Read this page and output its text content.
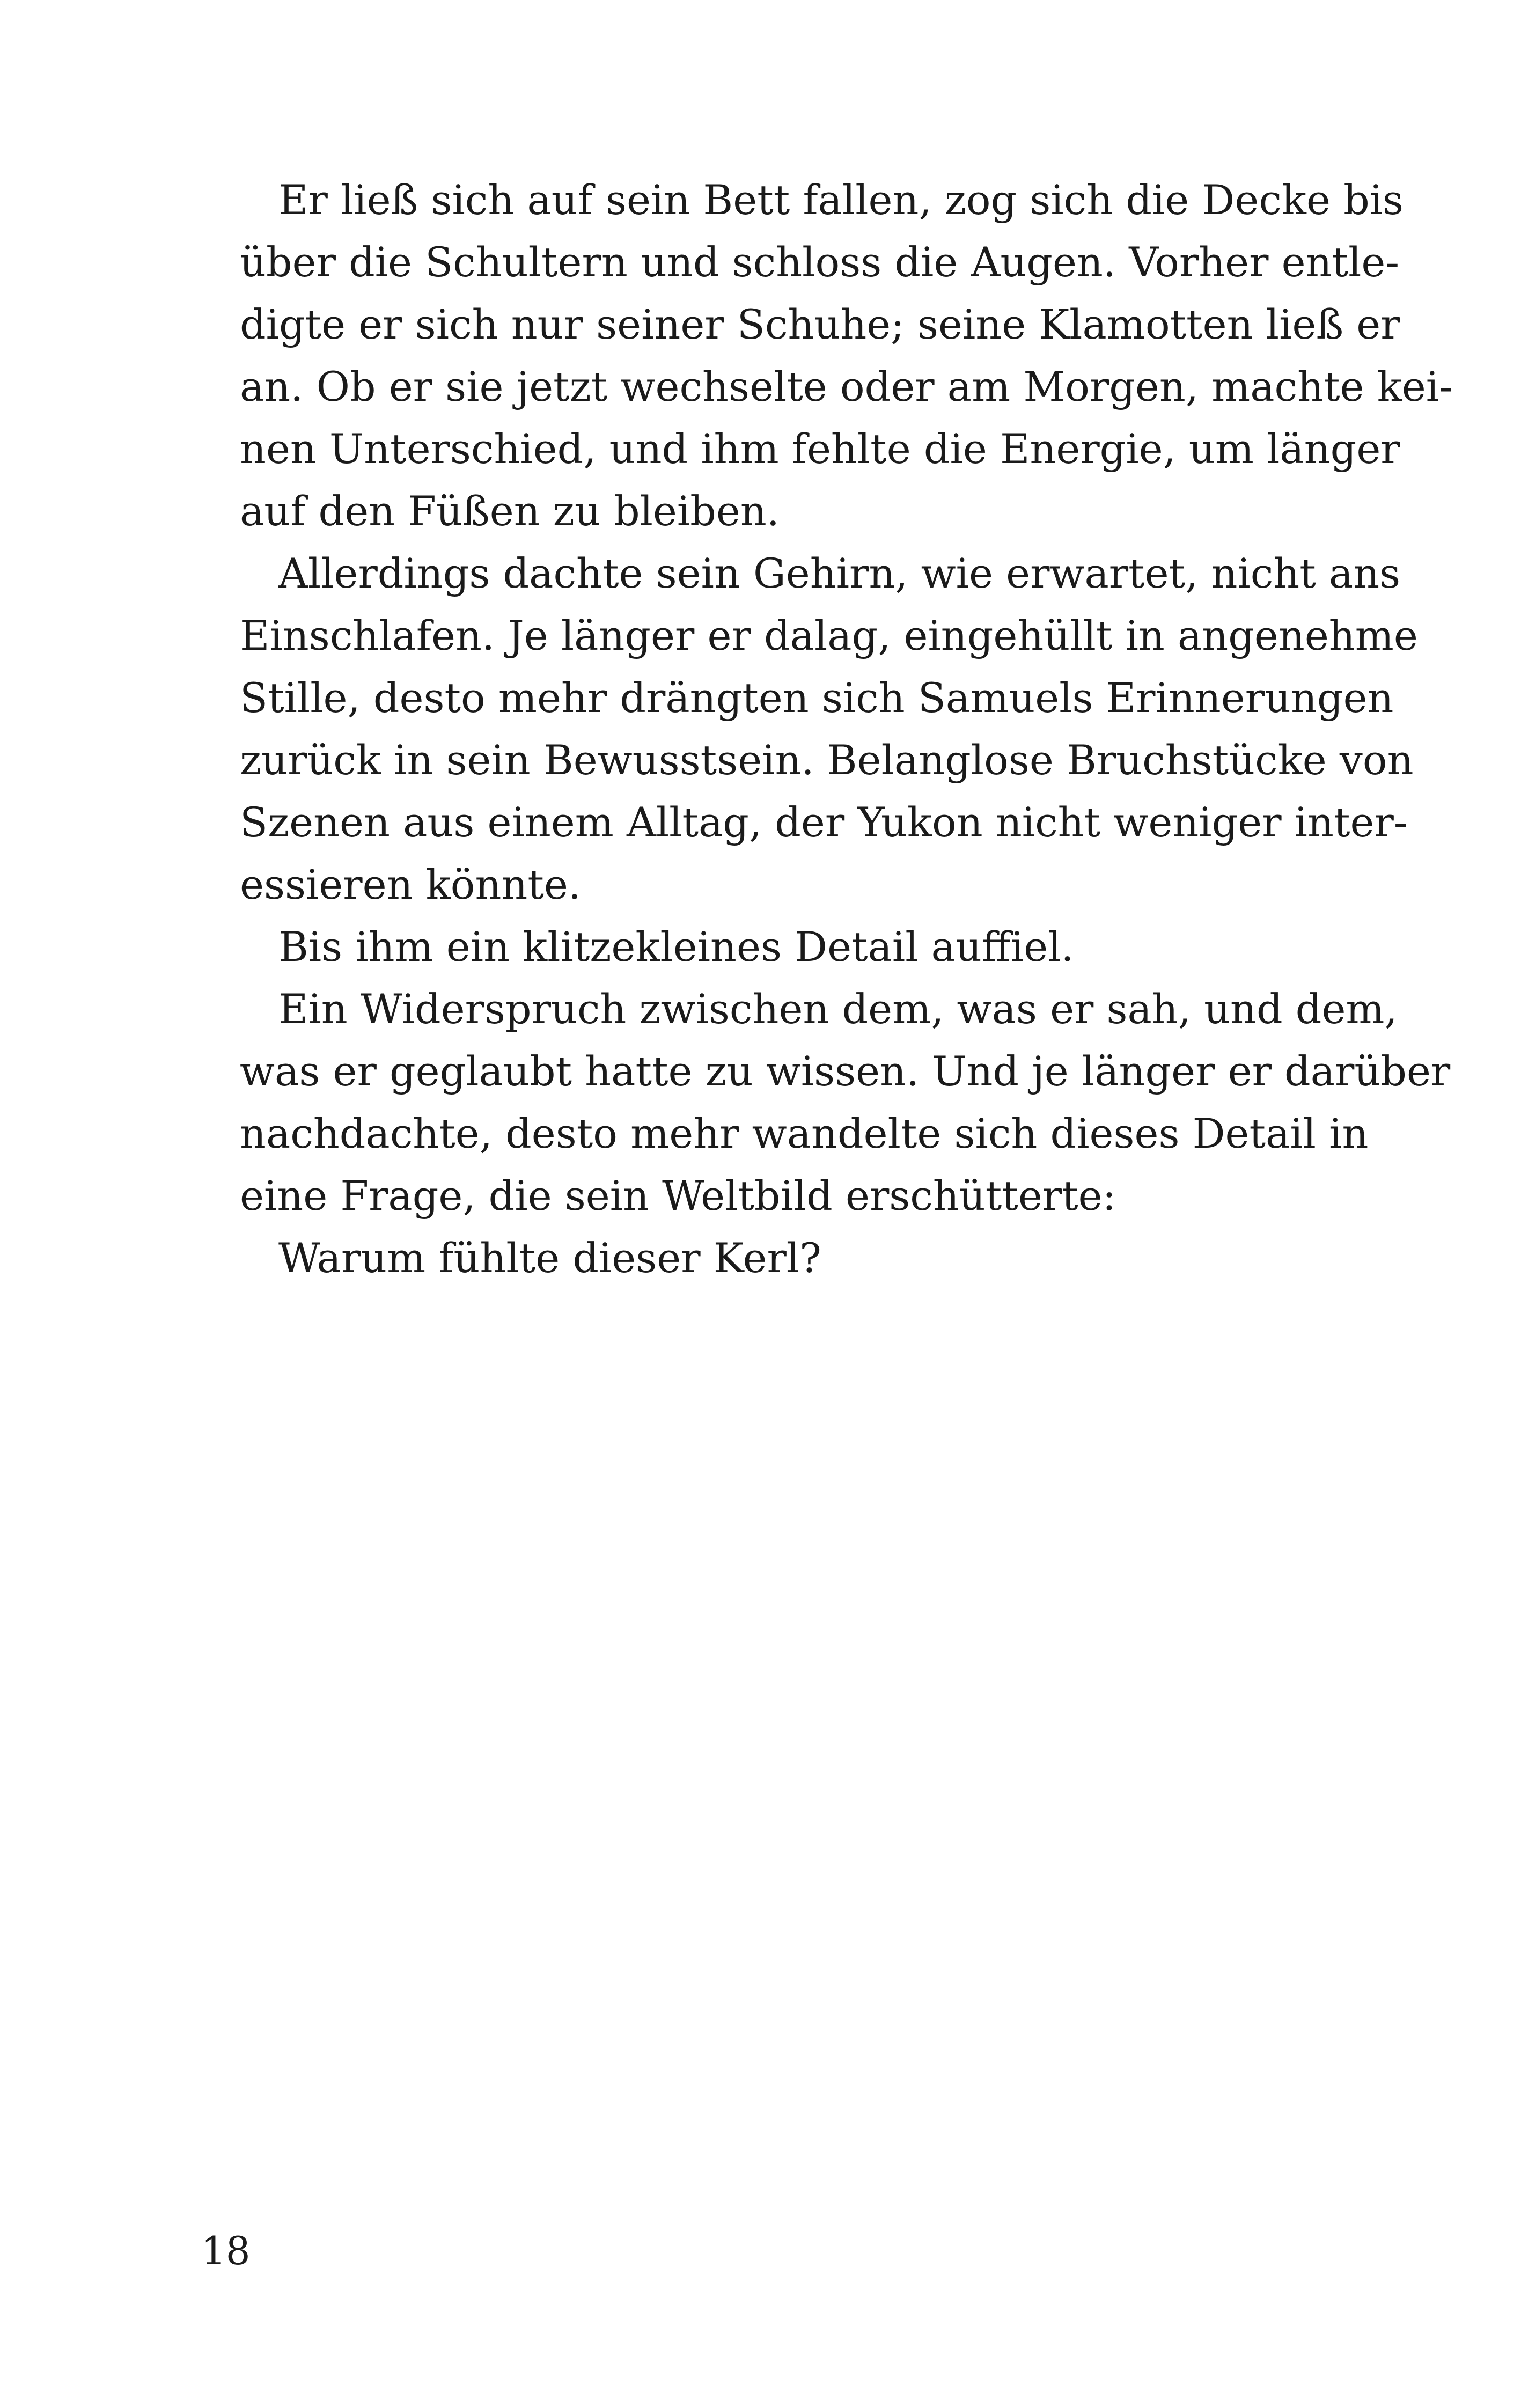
Er ließ sich auf sein Bett fallen, zog sich die Decke bis
über die Schultern und schloss die Augen. Vorher entle-
digte er sich nur seiner Schuhe; seine Klamotten ließ er
an. Ob er sie jetzt wechselte oder am Morgen, machte kei-
nen Unterschied, und ihm fehlte die Energie, um länger
auf den Füßen zu bleiben.
Allerdings dachte sein Gehirn, wie erwartet, nicht ans
Einschlafen. Je länger er dalag, eingehüllt in angenehme
Stille, desto mehr drängten sich Samuels Erinnerungen
zurück in sein Bewusstsein. Belanglose Bruchstücke von
Szenen aus einem Alltag, der Yukon nicht weniger inter-
essieren könnte.
Bis ihm ein klitzekleines Detail auffiel.
Ein Widerspruch zwischen dem, was er sah, und dem,
was er geglaubt hatte zu wissen. Und je länger er darüber
nachdachte, desto mehr wandelte sich dieses Detail in
eine Frage, die sein Weltbild erschütterte:
Warum fühlte dieser Kerl?
18
